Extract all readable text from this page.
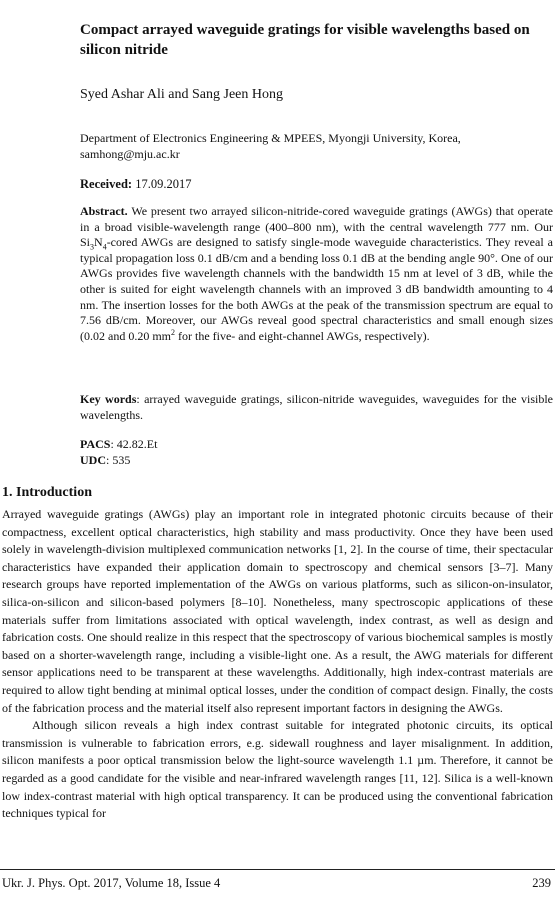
Compact arrayed waveguide gratings for visible wavelengths based on silicon nitride
Syed Ashar Ali and Sang Jeen Hong
Department of Electronics Engineering & MPEES, Myongji University, Korea, samhong@mju.ac.kr
Received: 17.09.2017

Abstract. We present two arrayed silicon-nitride-cored waveguide gratings (AWGs) that operate in a broad visible-wavelength range (400–800 nm), with the central wavelength 777 nm. Our $Si_3N_4$-cored AWGs are designed to satisfy single-mode waveguide characteristics. They reveal a typical propagation loss 0.1 dB/cm and a bending loss 0.1 dB at the bending angle 90°. One of our AWGs provides five wavelength channels with the bandwidth 15 nm at level of 3 dB, while the other is suited for eight wavelength channels with an improved 3 dB bandwidth amounting to 4 nm. The insertion losses for the both AWGs at the peak of the transmission spectrum are equal to 7.56 dB/cm. Moreover, our AWGs reveal good spectral characteristics and small enough sizes (0.02 and 0.20 $mm^2$ for the five- and eight-channel AWGs, respectively).

Key words: arrayed waveguide gratings, silicon-nitride waveguides, waveguides for the visible wavelengths.

PACS: 42.82.Et
UDC: 535
1. Introduction

Arrayed waveguide gratings (AWGs) play an important role in integrated photonic circuits because of their compactness, excellent optical characteristics, high stability and mass productivity. Once they have been used solely in wavelength-division multiplexed communication networks [1, 2]. In the course of time, their spectacular characteristics have expanded their application domain to spectroscopy and chemical sensors [3–7]. Many research groups have reported implementation of the AWGs on various platforms, such as silicon-on-insulator, silica-on-silicon and silicon-based polymers [8–10]. Nonetheless, many spectroscopic applications of these materials suffer from limitations associated with optical wavelength, index contrast, as well as design and fabrication costs. One should realize in this respect that the spectroscopy of various biochemical samples is mostly based on a shorter-wavelength range, including a visible-light one. As a result, the AWG materials for different sensor applications need to be transparent at these wavelengths. Additionally, high index-contrast materials are required to allow tight bending at minimal optical losses, under the condition of compact design. Finally, the costs of the fabrication process and the material itself also represent important factors in designing the AWGs.

Although silicon reveals a high index contrast suitable for integrated photonic circuits, its optical transmission is vulnerable to fabrication errors, e.g. sidewall roughness and layer misalignment. In addition, silicon manifests a poor optical transmission below the light-source wavelength 1.1 µm. Therefore, it cannot be regarded as a good candidate for the visible and near-infrared wavelength ranges [11, 12]. Silica is a well-known low index-contrast material with high optical transparency. It can be produced using the conventional fabrication techniques typical for

Ukr. J. Phys. Opt. 2017, Volume 18, Issue 4	239
